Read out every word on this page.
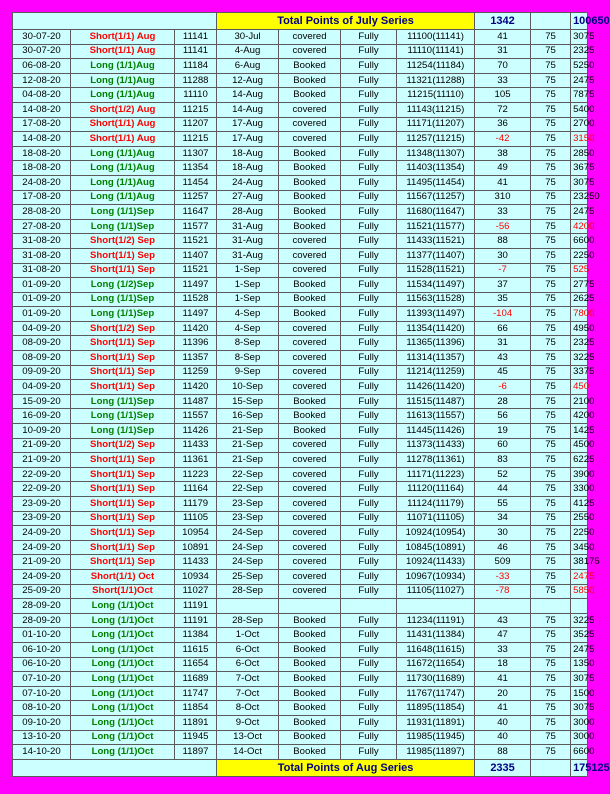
			Total Points of July Series				1342		100650
30-07-20	Short(1/1) Aug	11141	30-Jul	covered	Fully	11100(11141)	41	75	3075
30-07-20	Short(1/1) Aug	11141	4-Aug	covered	Fully	11110(11141)	31	75	2325
06-08-20	Long (1/1)Aug	11184	6-Aug	Booked	Fully	11254(11184)	70	75	5250
12-08-20	Long (1/1)Aug	11288	12-Aug	Booked	Fully	11321(11288)	33	75	2475
04-08-20	Long (1/1)Aug	11110	14-Aug	Booked	Fully	11215(11110)	105	75	7875
14-08-20	Short(1/2) Aug	11215	14-Aug	covered	Fully	11143(11215)	72	75	5400
17-08-20	Short(1/1) Aug	11207	17-Aug	covered	Fully	11171(11207)	36	75	2700
14-08-20	Short(1/1) Aug	11215	17-Aug	covered	Fully	11257(11215)	-42	75	3150
18-08-20	Long (1/1)Aug	11307	18-Aug	Booked	Fully	11348(11307)	38	75	2850
18-08-20	Long (1/1)Aug	11354	18-Aug	Booked	Fully	11403(11354)	49	75	3675
24-08-20	Long (1/1)Aug	11454	24-Aug	Booked	Fully	11495(11454)	41	75	3075
17-08-20	Long (1/1)Aug	11257	27-Aug	Booked	Fully	11567(11257)	310	75	23250
28-08-20	Long (1/1)Sep	11647	28-Aug	Booked	Fully	11680(11647)	33	75	2475
27-08-20	Long (1/1)Sep	11577	31-Aug	Booked	Fully	11521(11577)	-56	75	4200
31-08-20	Short(1/2) Sep	11521	31-Aug	covered	Fully	11433(11521)	88	75	6600
31-08-20	Short(1/1) Sep	11407	31-Aug	covered	Fully	11377(11407)	30	75	2250
31-08-20	Short(1/1) Sep	11521	1-Sep	covered	Fully	11528(11521)	-7	75	525
01-09-20	Long (1/2)Sep	11497	1-Sep	Booked	Fully	11534(11497)	37	75	2775
01-09-20	Long (1/1)Sep	11528	1-Sep	Booked	Fully	11563(11528)	35	75	2625
01-09-20	Long (1/1)Sep	11497	4-Sep	Booked	Fully	11393(11497)	-104	75	7800
04-09-20	Short(1/2) Sep	11420	4-Sep	covered	Fully	11354(11420)	66	75	4950
08-09-20	Short(1/1) Sep	11396	8-Sep	covered	Fully	11365(11396)	31	75	2325
08-09-20	Short(1/1) Sep	11357	8-Sep	covered	Fully	11314(11357)	43	75	3225
09-09-20	Short(1/1) Sep	11259	9-Sep	covered	Fully	11214(11259)	45	75	3375
04-09-20	Short(1/1) Sep	11420	10-Sep	covered	Fully	11426(11420)	-6	75	450
15-09-20	Long (1/1)Sep	11487	15-Sep	Booked	Fully	11515(11487)	28	75	2100
16-09-20	Long (1/1)Sep	11557	16-Sep	Booked	Fully	11613(11557)	56	75	4200
10-09-20	Long (1/1)Sep	11426	21-Sep	Booked	Fully	11445(11426)	19	75	1425
21-09-20	Short(1/2) Sep	11433	21-Sep	covered	Fully	11373(11433)	60	75	4500
21-09-20	Short(1/1) Sep	11361	21-Sep	covered	Fully	11278(11361)	83	75	6225
22-09-20	Short(1/1) Sep	11223	22-Sep	covered	Fully	11171(11223)	52	75	3900
22-09-20	Short(1/1) Sep	11164	22-Sep	covered	Fully	11120(11164)	44	75	3300
23-09-20	Short(1/1) Sep	11179	23-Sep	covered	Fully	11124(11179)	55	75	4125
23-09-20	Short(1/1) Sep	11105	23-Sep	covered	Fully	11071(11105)	34	75	2550
24-09-20	Short(1/1) Sep	10954	24-Sep	covered	Fully	10924(10954)	30	75	2250
24-09-20	Short(1/1) Sep	10891	24-Sep	covered	Fully	10845(10891)	46	75	3450
21-09-20	Short(1/1) Sep	11433	24-Sep	covered	Fully	10924(11433)	509	75	38175
24-09-20	Short(1/1) Oct	10934	25-Sep	covered	Fully	10967(10934)	-33	75	2475
25-09-20	Short(1/1)Oct	11027	28-Sep	covered	Fully	11105(11027)	-78	75	5850
28-09-20	Long (1/1)Oct	11191							
28-09-20	Long (1/1)Oct	11191	28-Sep	Booked	Fully	11234(11191)	43	75	3225
01-10-20	Long (1/1)Oct	11384	1-Oct	Booked	Fully	11431(11384)	47	75	3525
06-10-20	Long (1/1)Oct	11615	6-Oct	Booked	Fully	11648(11615)	33	75	2475
06-10-20	Long (1/1)Oct	11654	6-Oct	Booked	Fully	11672(11654)	18	75	1350
07-10-20	Long (1/1)Oct	11689	7-Oct	Booked	Fully	11730(11689)	41	75	3075
07-10-20	Long (1/1)Oct	11747	7-Oct	Booked	Fully	11767(11747)	20	75	1500
08-10-20	Long (1/1)Oct	11854	8-Oct	Booked	Fully	11895(11854)	41	75	3075
09-10-20	Long (1/1)Oct	11891	9-Oct	Booked	Fully	11931(11891)	40	75	3000
13-10-20	Long (1/1)Oct	11945	13-Oct	Booked	Fully	11985(11945)	40	75	3000
14-10-20	Long (1/1)Oct	11897	14-Oct	Booked	Fully	11985(11897)	88	75	6600
			Total Points of Aug Series				2335		175125
